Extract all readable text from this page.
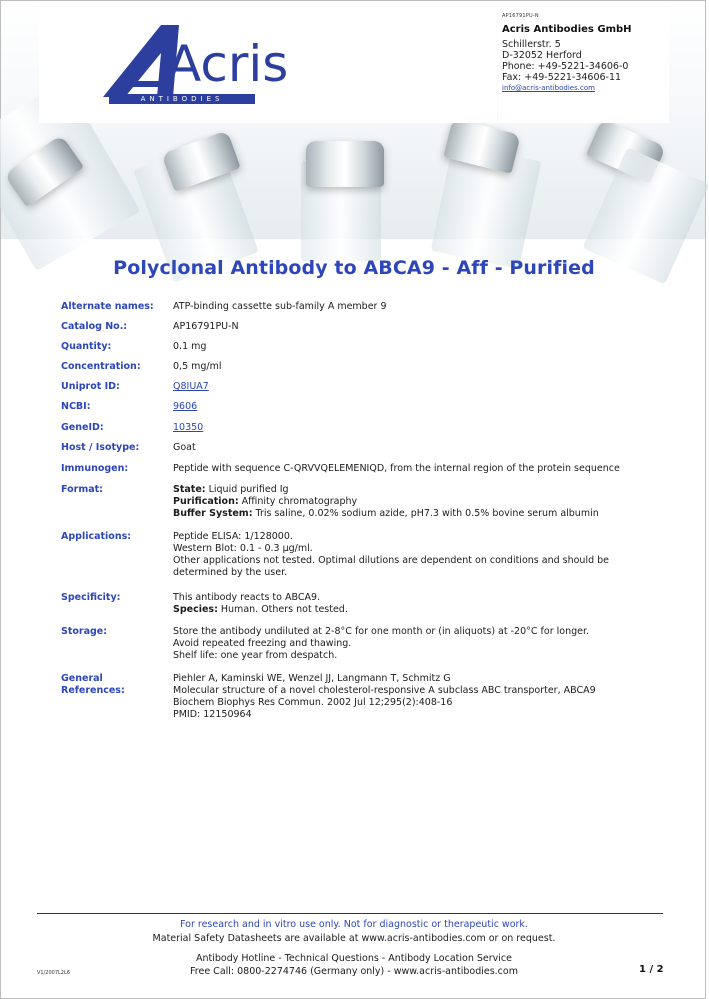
Acris
ANTIBODIES
AP16791PU-N
Acris Antibodies GmbH
Schillerstr. 5
D-32052 Herford
Phone: +49-5221-34606-0
Fax: +49-5221-34606-11
info@acris-antibodies.com
Polyclonal Antibody to ABCA9 - Aff - Purified
Alternate names:	ATP-binding cassette sub-family A member 9
Catalog No.:	AP16791PU-N
Quantity:	0.1 mg
Concentration:	0,5 mg/ml
Uniprot ID:	Q8IUA7
NCBI:	9606
GeneID:	10350
Host / Isotype:	Goat
Immunogen:	Peptide with sequence C-QRVVQELEMENIQD, from the internal region of the protein sequence
Format:	State: Liquid purified Ig
Purification: Affinity chromatography
Buffer System: Tris saline, 0.02% sodium azide, pH7.3 with 0.5% bovine serum albumin
Applications:	Peptide ELISA: 1/128000.
Western Blot: 0.1 - 0.3 µg/ml.
Other applications not tested. Optimal dilutions are dependent on conditions and should be
determined by the user.
Specificity:	This antibody reacts to ABCA9.
Species: Human. Others not tested.
Storage:	Store the antibody undiluted at 2-8°C for one month or (in aliquots) at -20°C for longer.
Avoid repeated freezing and thawing.
Shelf life: one year from despatch.
General
References:
Piehler A, Kaminski WE, Wenzel JJ, Langmann T, Schmitz G
Molecular structure of a novel cholesterol-responsive A subclass ABC transporter, ABCA9
Biochem Biophys Res Commun. 2002 Jul 12;295(2):408-16
PMID: 12150964
For research and in vitro use only. Not for diagnostic or therapeutic work.
Material Safety Datasheets are available at www.acris-antibodies.com or on request.
Antibody Hotline - Technical Questions - Antibody Location Service
Free Call: 0800-2274746 (Germany only) - www.acris-antibodies.com
V1/2007L2L6	1 / 2
